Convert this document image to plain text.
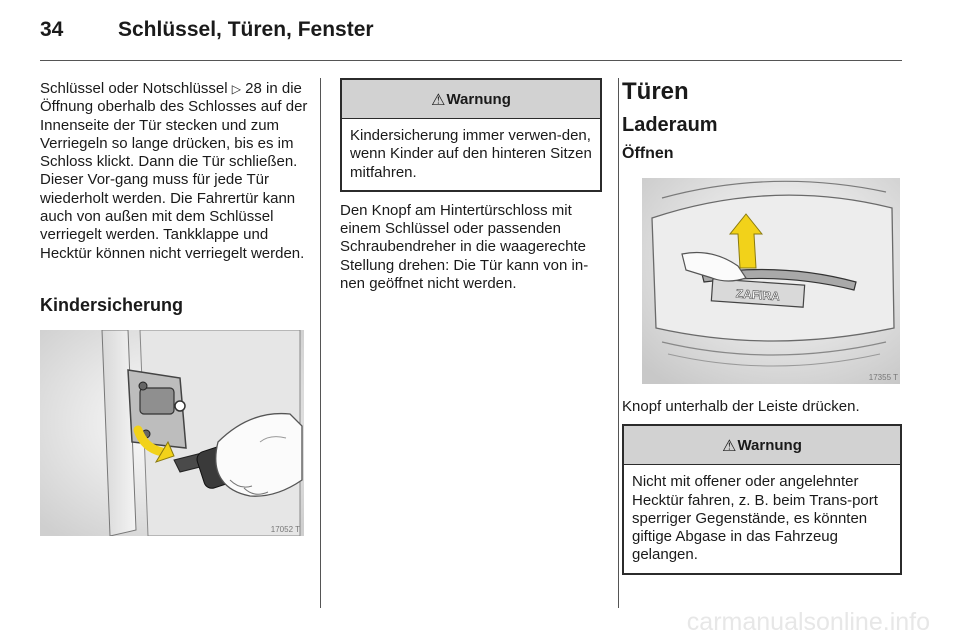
34	Schlüssel, Türen, Fenster

Schlüssel oder Notschlüssel ▷ 28 in die Öffnung oberhalb des Schlosses auf der Innenseite der Tür stecken und zum Verriegeln so lange drücken, bis es im Schloss klickt. Dann die Tür schließen. Dieser Vor-gang muss für jede Tür wiederholt werden. Die Fahrertür kann auch von außen mit dem Schlüssel verriegelt werden. Tankklappe und Hecktür können nicht verriegelt werden.

Kindersicherung
17052 T
⚠ Warnung
Kindersicherung immer verwen-den, wenn Kinder auf den hinteren Sitzen mitfahren.

Den Knopf am Hintertürschloss mit einem Schlüssel oder passenden Schraubendreher in die waagerechte Stellung drehen: Die Tür kann von in-nen geöffnet nicht werden.

Türen
Laderaum
Öffnen
ZAFIRA
17355 T

Knopf unterhalb der Leiste drücken.

⚠ Warnung
Nicht mit offener oder angelehnter Hecktür fahren, z. B. beim Trans-port sperriger Gegenstände, es könnten giftige Abgase in das Fahrzeug gelangen.
carmanualsonline.info
